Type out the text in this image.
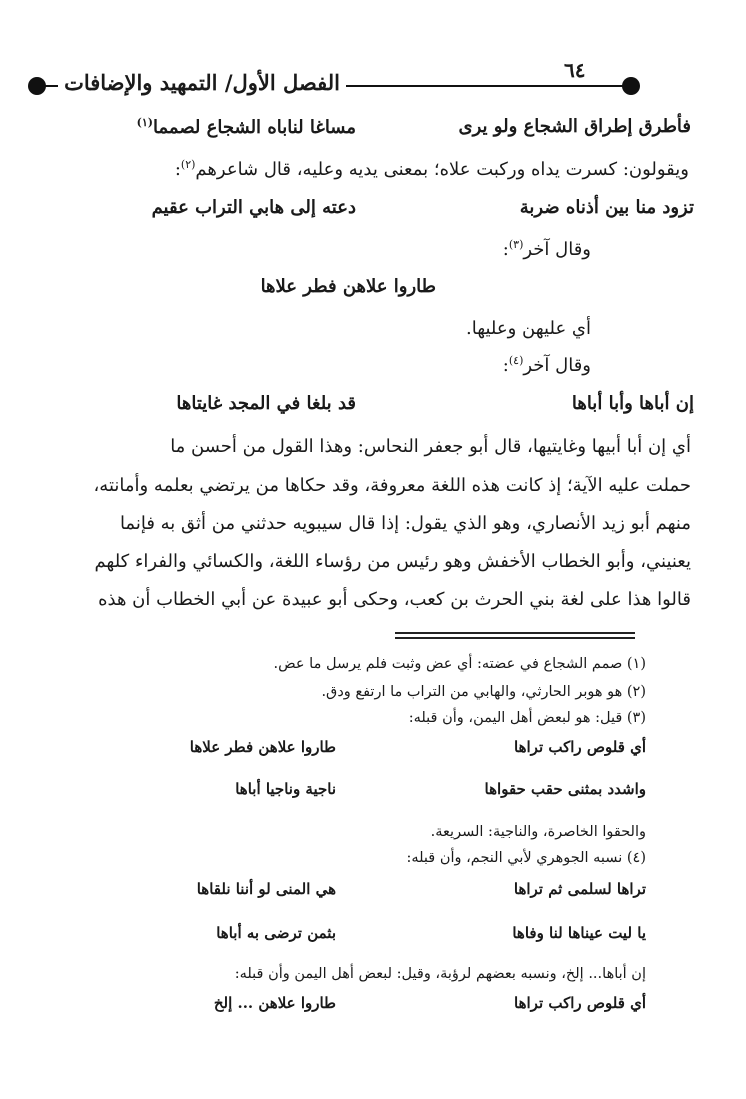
الفصل الأول/ التمهيد والإضافات	٦٤
فأطرق إطراق الشجاع ولو يرى
مساغا لناباه الشجاع لصمما$^{(١)}$
ويقولون: كسرت يداه وركبت علاه؛ بمعنى يديه وعليه، قال شاعرهم$^{(٢)}$:
تزود منا بين أذناه ضربة
دعته إلى هابي التراب عقيم
وقال آخر$^{(٣)}$:
طاروا علاهن فطر علاها
أي عليهن وعليها.
وقال آخر$^{(٤)}$:
إن أباها وأبا أباها
قد بلغا في المجد غايتاها
أي إن أبا أبيها وغايتيها، قال أبو جعفر النحاس: وهذا القول من أحسن ما
حملت عليه الآية؛ إذ كانت هذه اللغة معروفة، وقد حكاها من يرتضي بعلمه وأمانته،
منهم أبو زيد الأنصاري، وهو الذي يقول: إذا قال سيبويه حدثني من أثق به فإنما
يعنيني، وأبو الخطاب الأخفش وهو رئيس من رؤساء اللغة، والكسائي والفراء كلهم
قالوا هذا على لغة بني الحرث بن كعب، وحكى أبو عبيدة عن أبي الخطاب أن هذه
(١) صمم الشجاع في عضته: أي عض وثبت فلم يرسل ما عض.
(٢) هو هوبر الحارثي، والهابي من التراب ما ارتفع ودق.
(٣) قيل: هو لبعض أهل اليمن، وأن قبله:
أي قلوص راكب تراها
طاروا علاهن فطر علاها
واشدد بمثنى حقب حقواها
ناجية وناجيا أباها
والحقوا الخاصرة، والناجية: السريعة.
(٤) نسبه الجوهري لأبي النجم، وأن قبله:
تراها لسلمى ثم تراها
هي المنى لو أننا نلقاها
يا ليت عيناها لنا وفاها
بثمن ترضى به أباها
إن أباها... إلخ، ونسبه بعضهم لرؤبة، وقيل: لبعض أهل اليمن وأن قبله:
أي قلوص راكب تراها
طاروا علاهن ... إلخ
